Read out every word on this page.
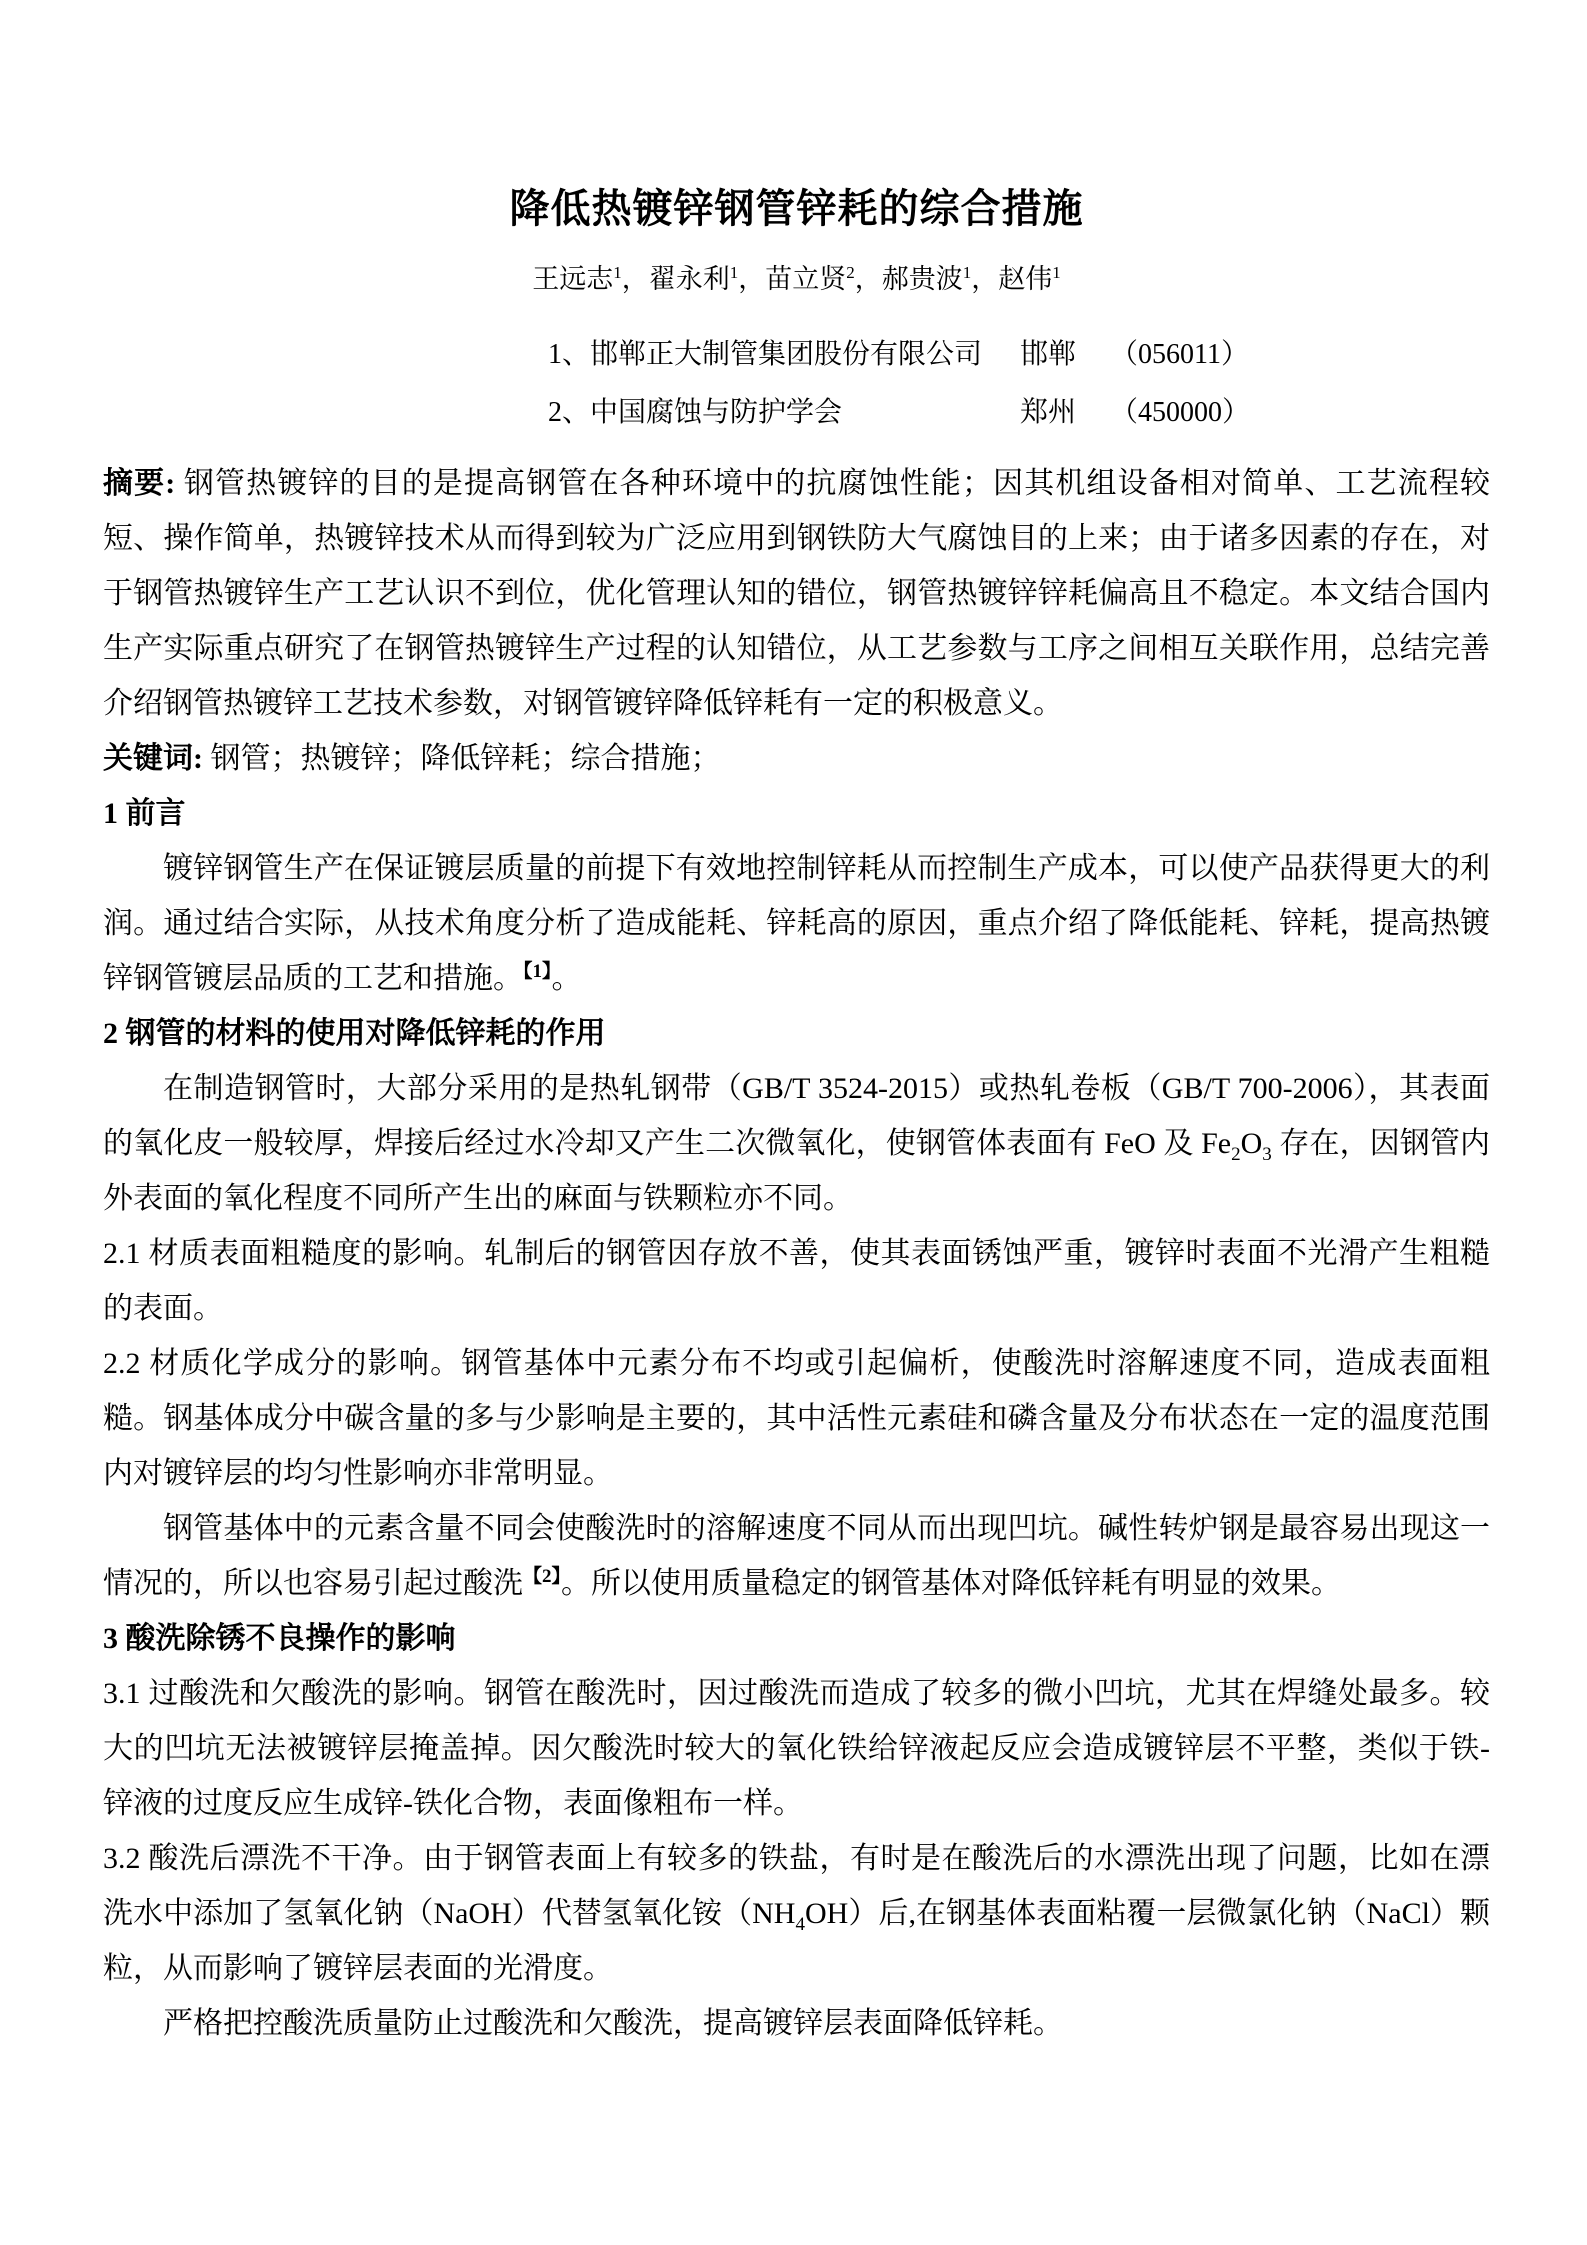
降低热镀锌钢管锌耗的综合措施
王远志$^1$，翟永利$^1$，苗立贤$^2$，郝贵波$^1$，赵伟$^1$
1、邯郸正大制管集团股份有限公司	邯郸	（056011）
2、中国腐蚀与防护学会	郑州	（450000）

摘要: 钢管热镀锌的目的是提高钢管在各种环境中的抗腐蚀性能；因其机组设备相对简单、工艺流程较短、操作简单，热镀锌技术从而得到较为广泛应用到钢铁防大气腐蚀目的上来；由于诸多因素的存在，对于钢管热镀锌生产工艺认识不到位，优化管理认知的错位，钢管热镀锌锌耗偏高且不稳定。本文结合国内生产实际重点研究了在钢管热镀锌生产过程的认知错位，从工艺参数与工序之间相互关联作用，总结完善介绍钢管热镀锌工艺技术参数，对钢管镀锌降低锌耗有一定的积极意义。

关键词: 钢管；热镀锌；降低锌耗；综合措施；

1 前言

镀锌钢管生产在保证镀层质量的前提下有效地控制锌耗从而控制生产成本，可以使产品获得更大的利润。通过结合实际，从技术角度分析了造成能耗、锌耗高的原因，重点介绍了降低能耗、锌耗，提高热镀锌钢管镀层品质的工艺和措施。$^{【1】}$。

2 钢管的材料的使用对降低锌耗的作用

在制造钢管时，大部分采用的是热轧钢带（GB/T 3524-2015）或热轧卷板（GB/T 700-2006），其表面的氧化皮一般较厚，焊接后经过水冷却又产生二次微氧化，使钢管体表面有 FeO 及 $Fe_2O_3$ 存在，因钢管内外表面的氧化程度不同所产生出的麻面与铁颗粒亦不同。

2.1 材质表面粗糙度的影响。轧制后的钢管因存放不善，使其表面锈蚀严重，镀锌时表面不光滑产生粗糙的表面。

2.2 材质化学成分的影响。钢管基体中元素分布不均或引起偏析，使酸洗时溶解速度不同，造成表面粗糙。钢基体成分中碳含量的多与少影响是主要的，其中活性元素硅和磷含量及分布状态在一定的温度范围内对镀锌层的均匀性影响亦非常明显。

钢管基体中的元素含量不同会使酸洗时的溶解速度不同从而出现凹坑。碱性转炉钢是最容易出现这一情况的，所以也容易引起过酸洗$^{【2】}$。所以使用质量稳定的钢管基体对降低锌耗有明显的效果。

3 酸洗除锈不良操作的影响

3.1 过酸洗和欠酸洗的影响。钢管在酸洗时，因过酸洗而造成了较多的微小凹坑，尤其在焊缝处最多。较大的凹坑无法被镀锌层掩盖掉。因欠酸洗时较大的氧化铁给锌液起反应会造成镀锌层不平整，类似于铁-锌液的过度反应生成锌-铁化合物，表面像粗布一样。

3.2 酸洗后漂洗不干净。由于钢管表面上有较多的铁盐，有时是在酸洗后的水漂洗出现了问题，比如在漂洗水中添加了氢氧化钠（NaOH）代替氢氧化铵$(NH_4OH)$后,在钢基体表面粘覆一层微氯化钠（NaCl）颗粒，从而影响了镀锌层表面的光滑度。

严格把控酸洗质量防止过酸洗和欠酸洗，提高镀锌层表面降低锌耗。
